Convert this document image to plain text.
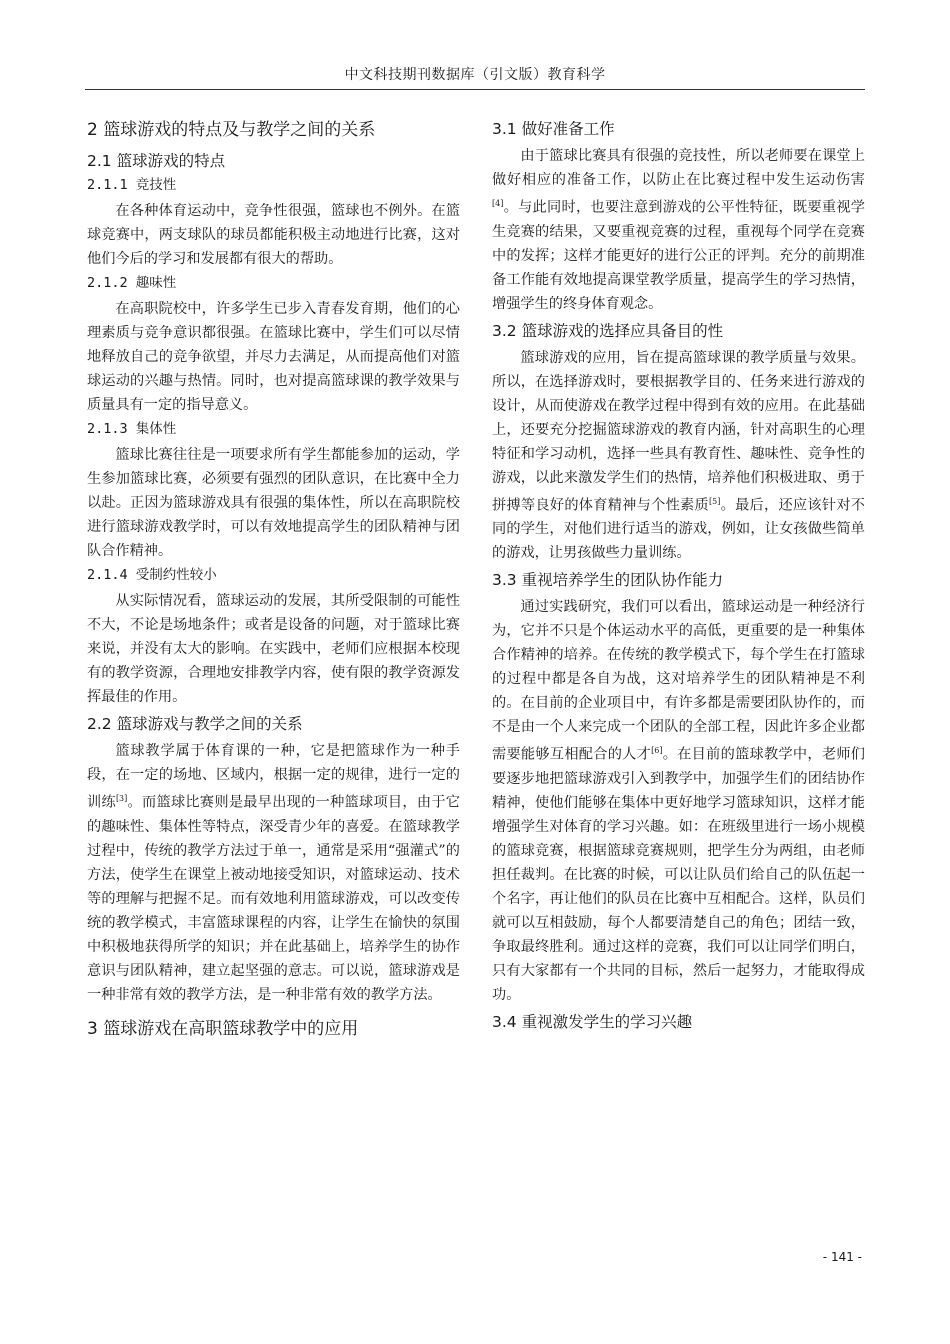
中文科技期刊数据库（引文版）教育科学
2 篮球游戏的特点及与教学之间的关系
2.1 篮球游戏的特点
2.1.1 竞技性

在各种体育运动中，竞争性很强，篮球也不例外。在篮球竞赛中，两支球队的球员都能积极主动地进行比赛，这对他们今后的学习和发展都有很大的帮助。

2.1.2 趣味性

在高职院校中，许多学生已步入青春发育期，他们的心理素质与竞争意识都很强。在篮球比赛中，学生们可以尽情地释放自己的竞争欲望，并尽力去满足，从而提高他们对篮球运动的兴趣与热情。同时，也对提高篮球课的教学效果与质量具有一定的指导意义。

2.1.3 集体性

篮球比赛往往是一项要求所有学生都能参加的运动，学生参加篮球比赛，必须要有强烈的团队意识，在比赛中全力以赴。正因为篮球游戏具有很强的集体性，所以在高职院校进行篮球游戏教学时，可以有效地提高学生的团队精神与团队合作精神。

2.1.4 受制约性较小

从实际情况看，篮球运动的发展，其所受限制的可能性不大，不论是场地条件；或者是设备的问题，对于篮球比赛来说，并没有太大的影响。在实践中，老师们应根据本校现有的教学资源，合理地安排教学内容，使有限的教学资源发挥最佳的作用。

2.2 篮球游戏与教学之间的关系

篮球教学属于体育课的一种，它是把篮球作为一种手段，在一定的场地、区域内，根据一定的规律，进行一定的训练[3]。而篮球比赛则是最早出现的一种篮球项目，由于它的趣味性、集体性等特点，深受青少年的喜爱。在篮球教学过程中，传统的教学方法过于单一，通常是采用“强灌式”的方法，使学生在课堂上被动地接受知识，对篮球运动、技术等的理解与把握不足。而有效地利用篮球游戏，可以改变传统的教学模式，丰富篮球课程的内容，让学生在愉快的氛围中积极地获得所学的知识；并在此基础上，培养学生的协作意识与团队精神，建立起坚强的意志。可以说，篮球游戏是一种非常有效的教学方法，是一种非常有效的教学方法。

3 篮球游戏在高职篮球教学中的应用
3.1 做好准备工作

由于篮球比赛具有很强的竞技性，所以老师要在课堂上做好相应的准备工作，以防止在比赛过程中发生运动伤害[4]。与此同时，也要注意到游戏的公平性特征，既要重视学生竞赛的结果，又要重视竞赛的过程，重视每个同学在竞赛中的发挥；这样才能更好的进行公正的评判。充分的前期准备工作能有效地提高课堂教学质量，提高学生的学习热情，增强学生的终身体育观念。

3.2 篮球游戏的选择应具备目的性

篮球游戏的应用，旨在提高篮球课的教学质量与效果。所以，在选择游戏时，要根据教学目的、任务来进行游戏的设计，从而使游戏在教学过程中得到有效的应用。在此基础上，还要充分挖掘篮球游戏的教育内涵，针对高职生的心理特征和学习动机，选择一些具有教育性、趣味性、竞争性的游戏，以此来激发学生们的热情，培养他们积极进取、勇于拼搏等良好的体育精神与个性素质[5]。最后，还应该针对不同的学生，对他们进行适当的游戏，例如，让女孩做些简单的游戏，让男孩做些力量训练。

3.3 重视培养学生的团队协作能力

通过实践研究，我们可以看出，篮球运动是一种经济行为，它并不只是个体运动水平的高低，更重要的是一种集体合作精神的培养。在传统的教学模式下，每个学生在打篮球的过程中都是各自为战，这对培养学生的团队精神是不利的。在目前的企业项目中，有许多都是需要团队协作的，而不是由一个人来完成一个团队的全部工程，因此许多企业都需要能够互相配合的人才[6]。在目前的篮球教学中，老师们要逐步地把篮球游戏引入到教学中，加强学生们的团结协作精神，使他们能够在集体中更好地学习篮球知识，这样才能增强学生对体育的学习兴趣。如：在班级里进行一场小规模的篮球竞赛，根据篮球竞赛规则，把学生分为两组，由老师担任裁判。在比赛的时候，可以让队员们给自己的队伍起一个名字，再让他们的队员在比赛中互相配合。这样，队员们就可以互相鼓励，每个人都要清楚自己的角色；团结一致，争取最终胜利。通过这样的竞赛，我们可以让同学们明白，只有大家都有一个共同的目标，然后一起努力，才能取得成功。

3.4 重视激发学生的学习兴趣
- 141 -
